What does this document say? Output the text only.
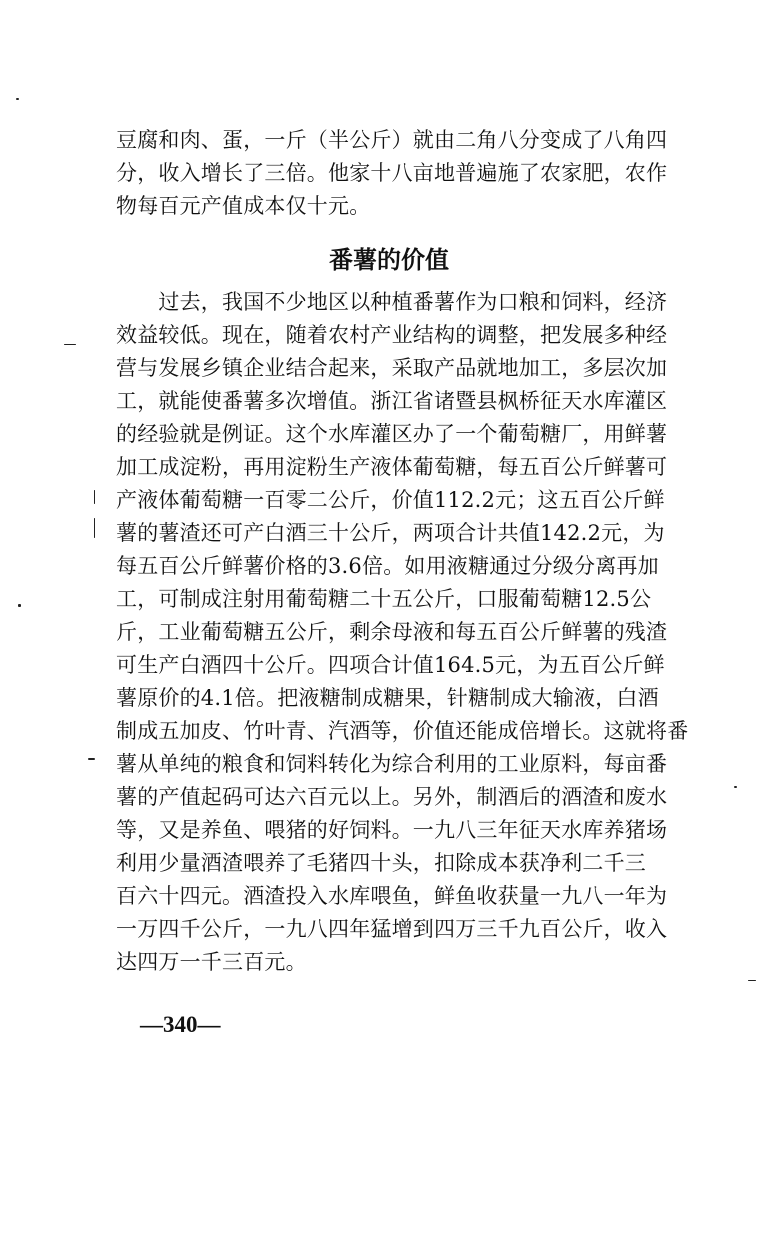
豆腐和肉、蛋，一斤（半公斤）就由二角八分变成了八角四
分，收入增长了三倍。他家十八亩地普遍施了农家肥，农作
物每百元产值成本仅十元。
番薯的价值
　　过去，我国不少地区以种植番薯作为口粮和饲料，经济
效益较低。现在，随着农村产业结构的调整，把发展多种经
营与发展乡镇企业结合起来，采取产品就地加工，多层次加
工，就能使番薯多次增值。浙江省诸暨县枫桥征天水库灌区
的经验就是例证。这个水库灌区办了一个葡萄糖厂，用鲜薯
加工成淀粉，再用淀粉生产液体葡萄糖，每五百公斤鲜薯可
产液体葡萄糖一百零二公斤，价值112.2元；这五百公斤鲜
薯的薯渣还可产白酒三十公斤，两项合计共值142.2元，为
每五百公斤鲜薯价格的3.6倍。如用液糖通过分级分离再加
工，可制成注射用葡萄糖二十五公斤，口服葡萄糖12.5公
斤，工业葡萄糖五公斤，剩余母液和每五百公斤鲜薯的残渣
可生产白酒四十公斤。四项合计值164.5元，为五百公斤鲜
薯原价的4.1倍。把液糖制成糖果，针糖制成大输液，白酒
制成五加皮、竹叶青、汽酒等，价值还能成倍增长。这就将番
薯从单纯的粮食和饲料转化为综合利用的工业原料，每亩番
薯的产值起码可达六百元以上。另外，制酒后的酒渣和废水
等，又是养鱼、喂猪的好饲料。一九八三年征天水库养猪场
利用少量酒渣喂养了毛猪四十头，扣除成本获净利二千三
百六十四元。酒渣投入水库喂鱼，鲜鱼收获量一九八一年为
一万四千公斤，一九八四年猛增到四万三千九百公斤，收入
达四万一千三百元。
—340—
